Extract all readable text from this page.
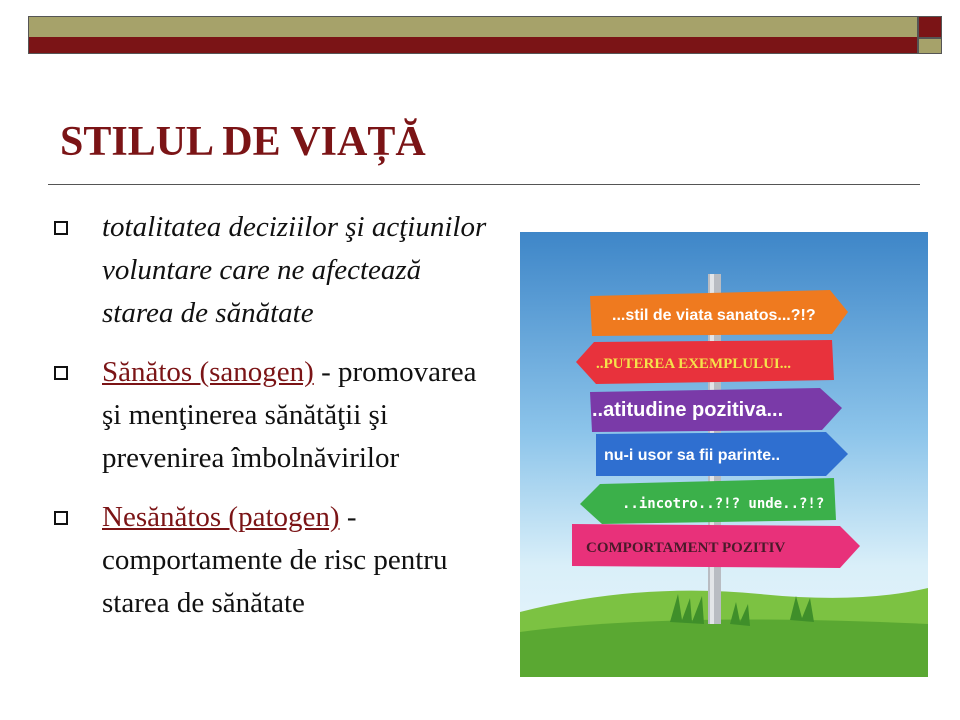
STILUL DE VIAȚĂ
totalitatea deciziilor şi acţiunilor voluntare care ne afectează starea de sănătate
Sănătos (sanogen) - promovarea şi menţinerea sănătăţii şi prevenirea îmbolnăvirilor
Nesănătos (patogen) - comportamente de risc pentru starea de sănătate
...stil de viata sanatos...?!?
..PUTEREA EXEMPLULUI...
..atitudine pozitiva...
nu-i usor sa fii parinte..
..incotro..?!? unde..?!?
COMPORTAMENT POZITIV
